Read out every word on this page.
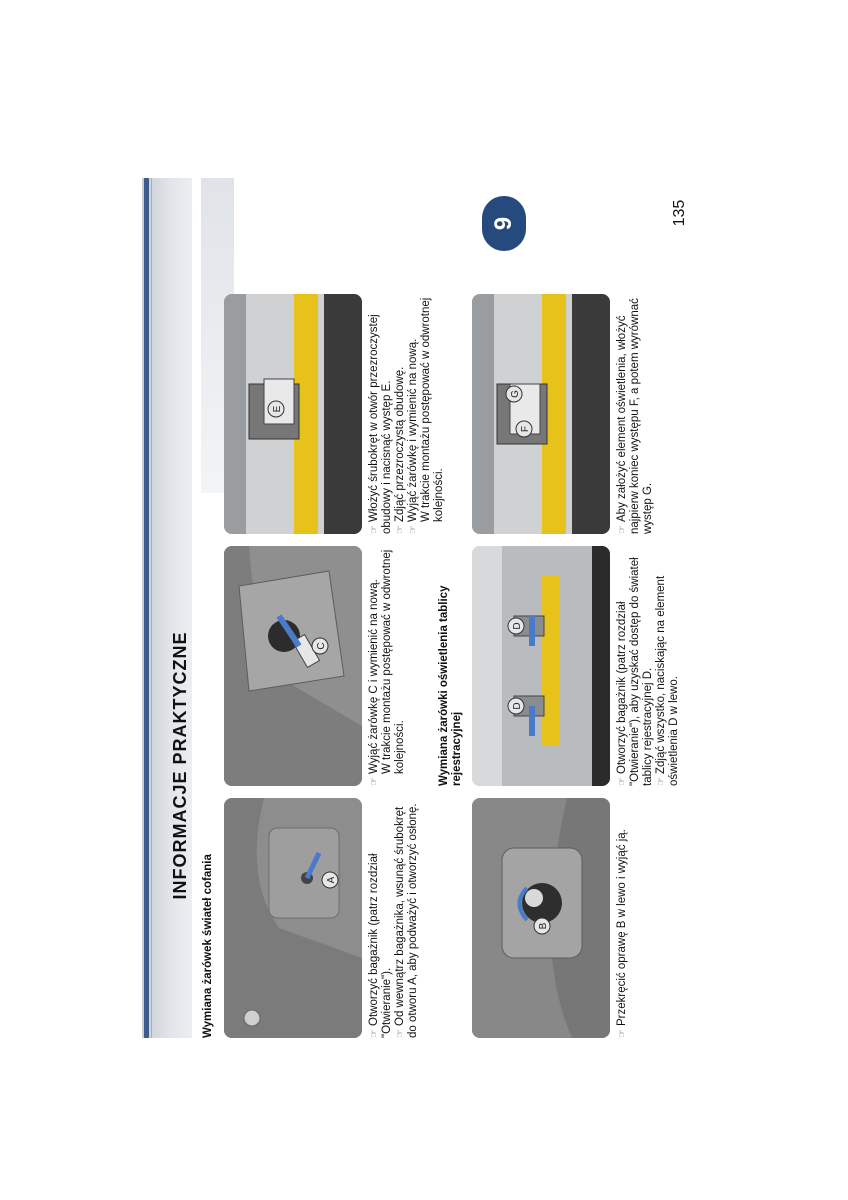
INFORMACJE PRAKTYCZNE
9	135
Wymiana żarówek świateł cofania	A
☞Otworzyć bagażnik (patrz rozdział "Otwieranie"). ☞Od wewnątrz bagażnika, wsunąć śrubokręt do otworu A, aby podważyć i otworzyć osłonę.	B
☞Przekręcić oprawę B w lewo i wyjąć ją.
C
☞Wyjąć żarówkę C i wymienić na nową. W trakcie montażu postępować w odwrotnej kolejności.	Wymiana żarówki oświetlenia tablicy rejestracyjnej
D
D
☞Otworzyć bagażnik (patrz rozdział "Otwieranie"), aby uzyskać dostęp do świateł tablicy rejestracyjnej D. ☞Zdjąć wszystko, naciskając na element oświetlenia D w lewo.
E
☞Włożyć śrubokręt w otwór przezroczystej obudowy i nacisnąć występ E. ☞Zdjąć przezroczystą obudowę.
☞Wyjąć żarówkę i wymienić na nową. W trakcie montażu postępować w odwrotnej kolejności.
F
G
☞Aby założyć element oświetlenia, włożyć najpierw koniec występu F, a potem wyrównać występ G.
